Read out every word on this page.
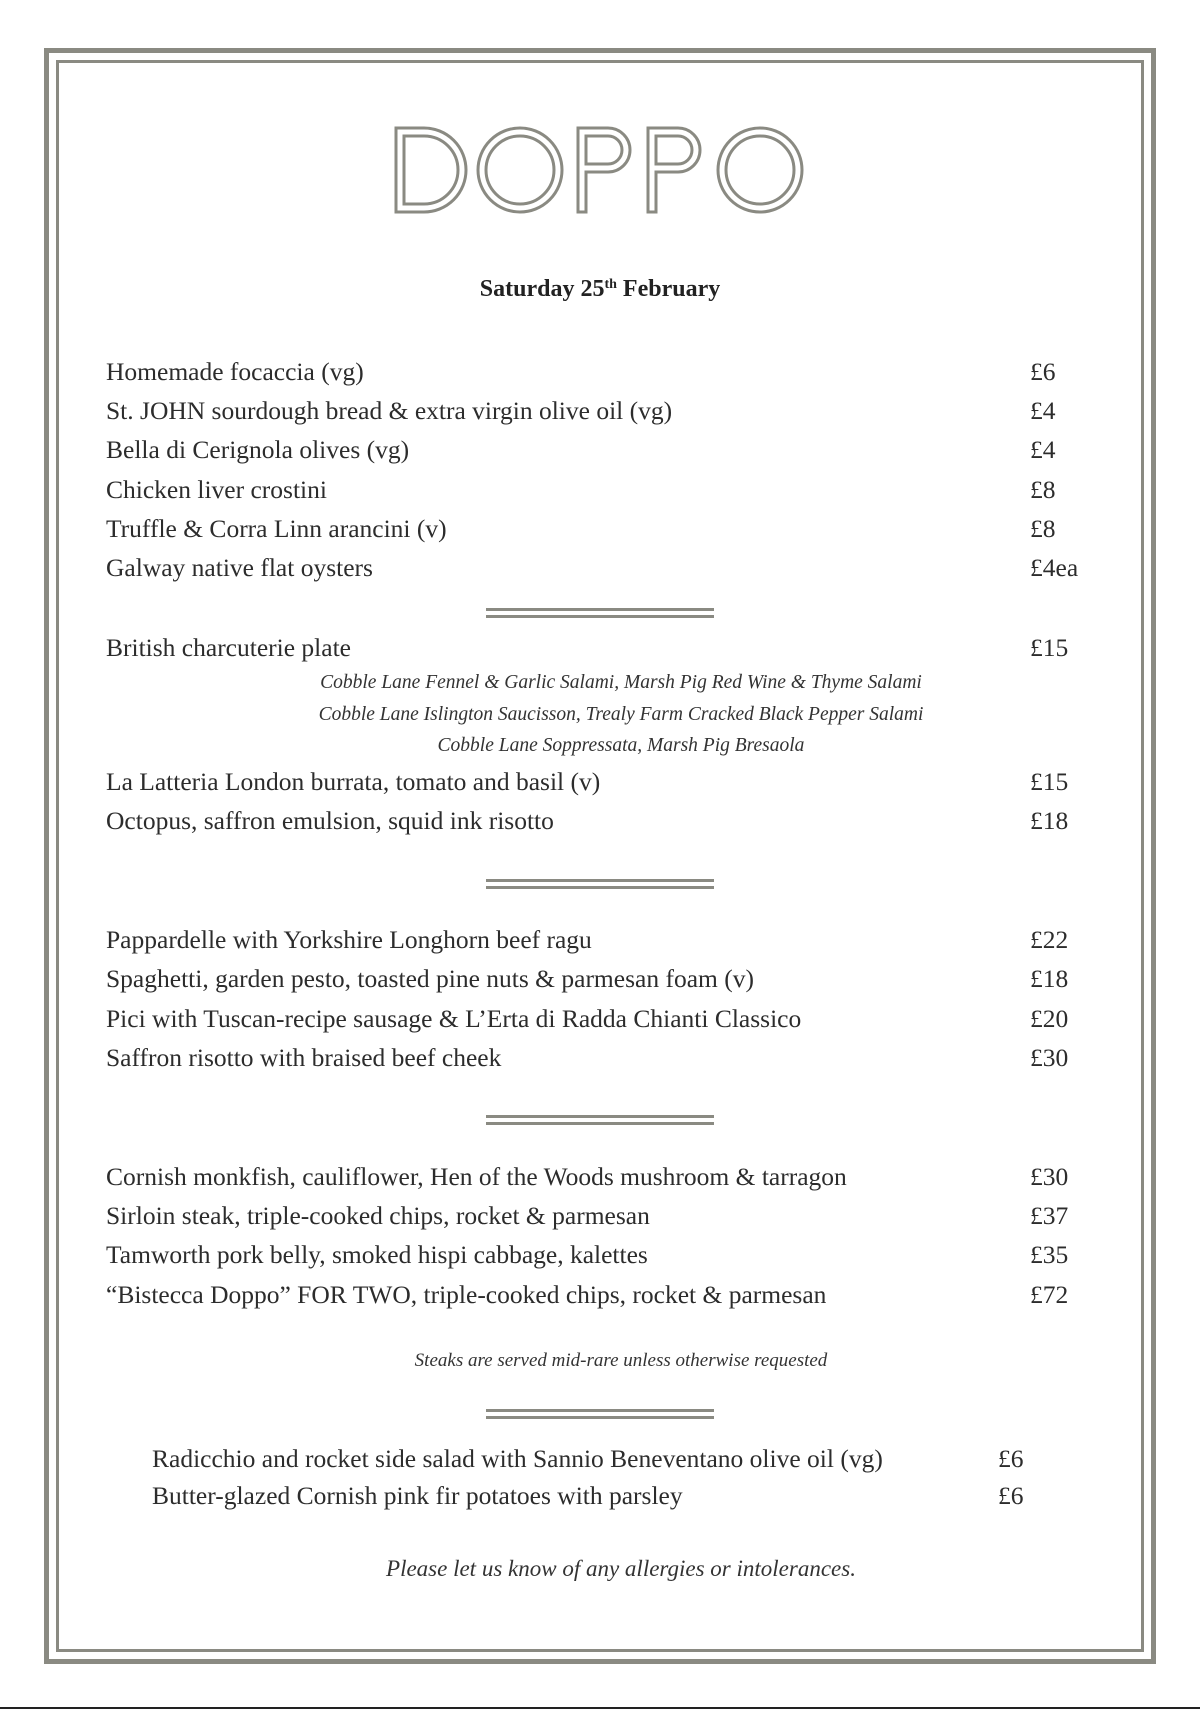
Saturday 25th February
Homemade focaccia (vg)	£6
St. JOHN sourdough bread & extra virgin olive oil (vg)	£4
Bella di Cerignola olives (vg)	£4
Chicken liver crostini	£8
Truffle & Corra Linn arancini (v)	£8
Galway native flat oysters	£4ea
British charcuterie plate	£15
Cobble Lane Fennel & Garlic Salami, Marsh Pig Red Wine & Thyme Salami
Cobble Lane Islington Saucisson, Trealy Farm Cracked Black Pepper Salami
Cobble Lane Soppressata, Marsh Pig Bresaola
La Latteria London burrata, tomato and basil (v)	£15
Octopus, saffron emulsion, squid ink risotto	£18
Pappardelle with Yorkshire Longhorn beef ragu	£22
Spaghetti, garden pesto, toasted pine nuts & parmesan foam (v)	£18
Pici with Tuscan-recipe sausage & L’Erta di Radda Chianti Classico	£20
Saffron risotto with braised beef cheek	£30
Cornish monkfish, cauliflower, Hen of the Woods mushroom & tarragon	£30
Sirloin steak, triple-cooked chips, rocket & parmesan	£37
Tamworth pork belly, smoked hispi cabbage, kalettes	£35
“Bistecca Doppo” FOR TWO, triple-cooked chips, rocket & parmesan	£72
Steaks are served mid-rare unless otherwise requested
Radicchio and rocket side salad with Sannio Beneventano olive oil (vg)	£6
Butter-glazed Cornish pink fir potatoes with parsley	£6
Please let us know of any allergies or intolerances.
